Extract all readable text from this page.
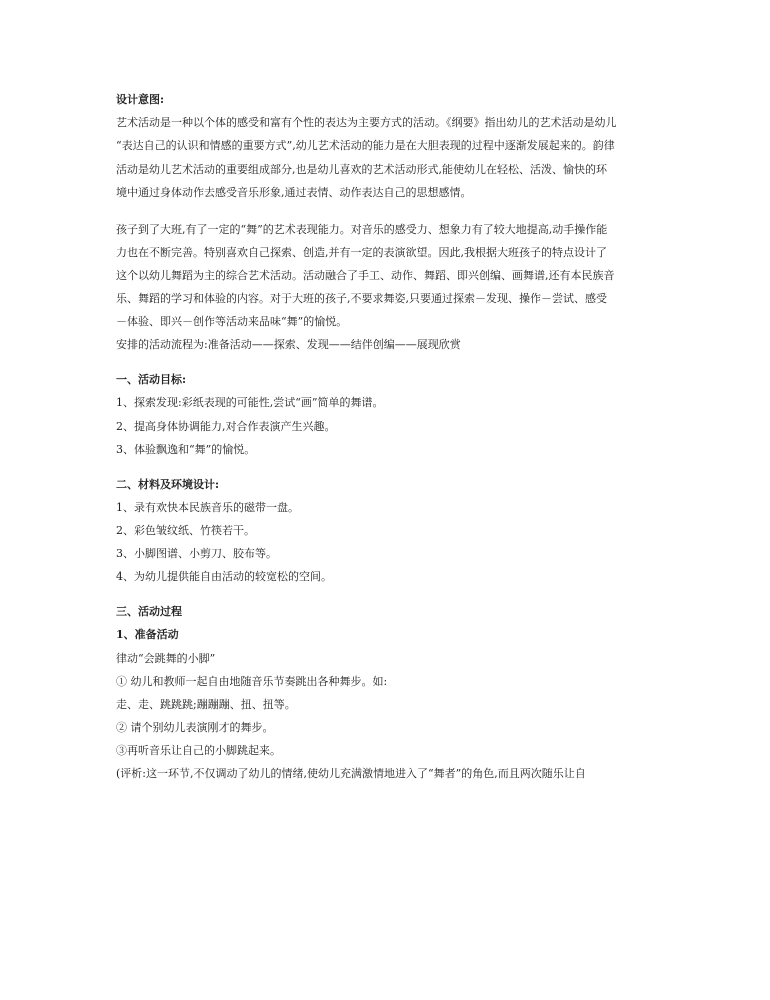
设计意图:
艺术活动是一种以个体的感受和富有个性的表达为主要方式的活动。《纲要》指出幼儿的艺术活动是幼儿
“表达自己的认识和情感的重要方式”,幼儿艺术活动的能力是在大胆表现的过程中逐渐发展起来的。韵律
活动是幼儿艺术活动的重要组成部分,也是幼儿喜欢的艺术活动形式,能使幼儿在轻松、活泼、愉快的环
境中通过身体动作去感受音乐形象,通过表情、动作表达自己的思想感情。
孩子到了大班,有了一定的“舞”的艺术表现能力。对音乐的感受力、想象力有了较大地提高,动手操作能
力也在不断完善。特别喜欢自己探索、创造,并有一定的表演欲望。因此,我根据大班孩子的特点设计了
这个以幼儿舞蹈为主的综合艺术活动。活动融合了手工、动作、舞蹈、即兴创编、画舞谱,还有本民族音
乐、舞蹈的学习和体验的内容。对于大班的孩子,不要求舞姿,只要通过探索－发现、操作－尝试、感受
－体验、即兴－创作等活动来品味“舞”的愉悦。
安排的活动流程为:准备活动——探索、发现——结伴创编——展现欣赏
一、活动目标:
1、探索发现:彩纸表现的可能性,尝试“画”简单的舞谱。
2、提高身体协调能力,对合作表演产生兴趣。
3、体验飘逸和“舞”的愉悦。
二、材料及环境设计:
1、录有欢快本民族音乐的磁带一盘。
2、彩色皱纹纸、竹筷若干。
3、小脚图谱、小剪刀、胶布等。
4、为幼儿提供能自由活动的较宽松的空间。
三、活动过程
1、准备活动
律动“会跳舞的小脚”
① 幼儿和教师一起自由地随音乐节奏跳出各种舞步。如:
走、走、跳跳跳;蹦蹦蹦、扭、扭等。
② 请个别幼儿表演刚才的舞步。
③再听音乐让自己的小脚跳起来。
(评析:这一环节,不仅调动了幼儿的情绪,使幼儿充满激情地进入了“舞者”的角色,而且两次随乐让自
